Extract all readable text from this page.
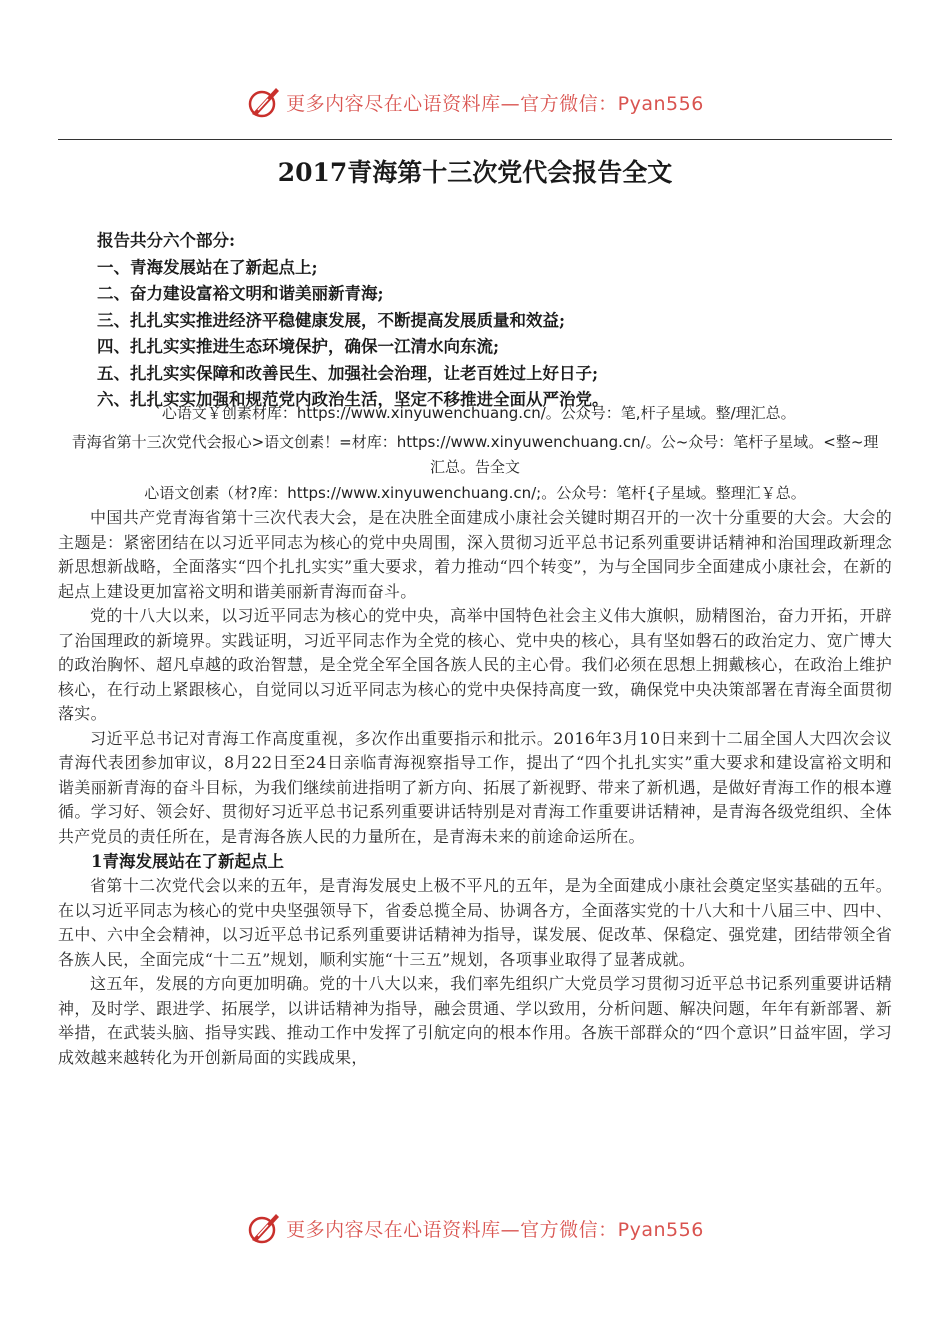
更多内容尽在心语资料库—官方微信：Pyan556
2017青海第十三次党代会报告全文
报告共分六个部分:
一、青海发展站在了新起点上;
二、奋力建设富裕文明和谐美丽新青海;
三、扎扎实实推进经济平稳健康发展，不断提高发展质量和效益;
四、扎扎实实推进生态环境保护，确保一江清水向东流;
五、扎扎实实保障和改善民生、加强社会治理，让老百姓过上好日子;
六、扎扎实实加强和规范党内政治生活，坚定不移推进全面从严治党。
`心语文￥创素材库：https://www.xinyuwenchuang.cn/。公众号：笔,杆子星域。整/理汇总。
青海省第十三次党代会报心>语文创素！=材库：https://www.xinyuwenchuang.cn/。公~众号：笔杆子星域。<整~理
汇总。告全文
心语文创素（材?库：https://www.xinyuwenchuang.cn/;。公众号：笔杆{子星域。整理汇￥总。

中国共产党青海省第十三次代表大会，是在决胜全面建成小康社会关键时期召开的一次十分重要的大会。大会的主题是：紧密团结在以习近平同志为核心的党中央周围，深入贯彻习近平总书记系列重要讲话精神和治国理政新理念新思想新战略，全面落实“四个扎扎实实”重大要求，着力推动“四个转变”，为与全国同步全面建成小康社会，在新的起点上建设更加富裕文明和谐美丽新青海而奋斗。

党的十八大以来，以习近平同志为核心的党中央，高举中国特色社会主义伟大旗帜，励精图治，奋力开拓，开辟了治国理政的新境界。实践证明，习近平同志作为全党的核心、党中央的核心，具有坚如磐石的政治定力、宽广博大的政治胸怀、超凡卓越的政治智慧，是全党全军全国各族人民的主心骨。我们必须在思想上拥戴核心，在政治上维护核心，在行动上紧跟核心，自觉同以习近平同志为核心的党中央保持高度一致，确保党中央决策部署在青海全面贯彻落实。

习近平总书记对青海工作高度重视，多次作出重要指示和批示。2016年3月10日来到十二届全国人大四次会议青海代表团参加审议，8月22日至24日亲临青海视察指导工作，提出了“四个扎扎实实”重大要求和建设富裕文明和谐美丽新青海的奋斗目标，为我们继续前进指明了新方向、拓展了新视野、带来了新机遇，是做好青海工作的根本遵循。学习好、领会好、贯彻好习近平总书记系列重要讲话特别是对青海工作重要讲话精神，是青海各级党组织、全体共产党员的责任所在，是青海各族人民的力量所在，是青海未来的前途命运所在。

1青海发展站在了新起点上

省第十二次党代会以来的五年，是青海发展史上极不平凡的五年，是为全面建成小康社会奠定坚实基础的五年。在以习近平同志为核心的党中央坚强领导下，省委总揽全局、协调各方，全面落实党的十八大和十八届三中、四中、五中、六中全会精神，以习近平总书记系列重要讲话精神为指导，谋发展、促改革、保稳定、强党建，团结带领全省各族人民，全面完成“十二五”规划，顺利实施“十三五”规划，各项事业取得了显著成就。

这五年，发展的方向更加明确。党的十八大以来，我们率先组织广大党员学习贯彻习近平总书记系列重要讲话精神，及时学、跟进学、拓展学，以讲话精神为指导，融会贯通、学以致用，分析问题、解决问题，年年有新部署、新举措，在武装头脑、指导实践、推动工作中发挥了引航定向的根本作用。各族干部群众的“四个意识”日益牢固，学习成效越来越转化为开创新局面的实践成果，

更多内容尽在心语资料库—官方微信：Pyan556
